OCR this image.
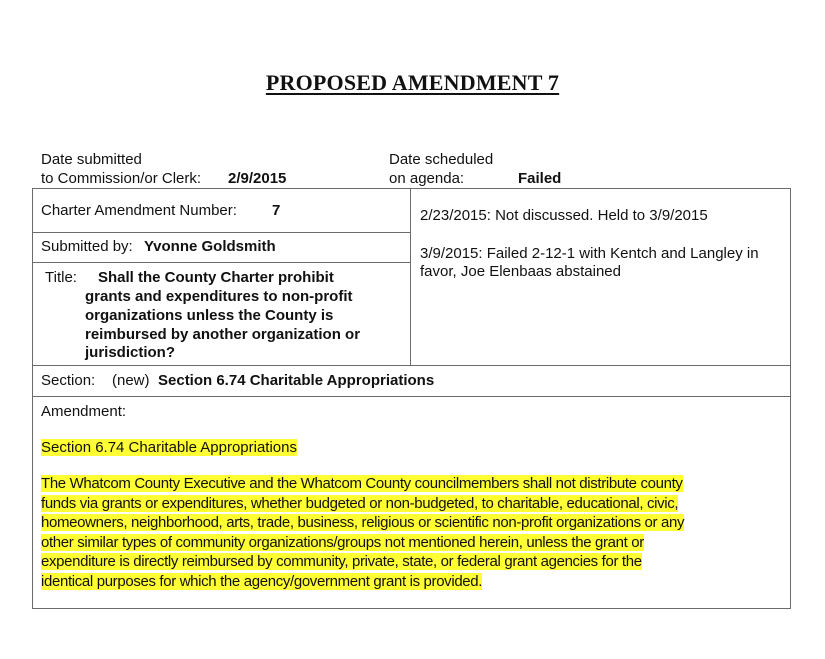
PROPOSED AMENDMENT 7
Date submitted
to Commission/or Clerk: 2/9/2015
Date scheduled
on agenda:	Failed
Charter Amendment Number: 7
Submitted by: Yvonne Goldsmith
Title: Shall the County Charter prohibit
grants and expenditures to non-profit
organizations unless the County is
reimbursed by another organization or
jurisdiction?
2/23/2015: Not discussed. Held to 3/9/2015
3/9/2015: Failed 2-12-1 with Kentch and Langley in
favor, Joe Elenbaas abstained
Section: (new) Section 6.74 Charitable Appropriations
Amendment:
Section 6.74 Charitable Appropriations
The Whatcom County Executive and the Whatcom County councilmembers shall not distribute county
funds via grants or expenditures, whether budgeted or non-budgeted, to charitable, educational, civic,
homeowners, neighborhood, arts, trade, business, religious or scientific non-profit organizations or any
other similar types of community organizations/groups not mentioned herein, unless the grant or
expenditure is directly reimbursed by community, private, state, or federal grant agencies for the
identical purposes for which the agency/government grant is provided.
